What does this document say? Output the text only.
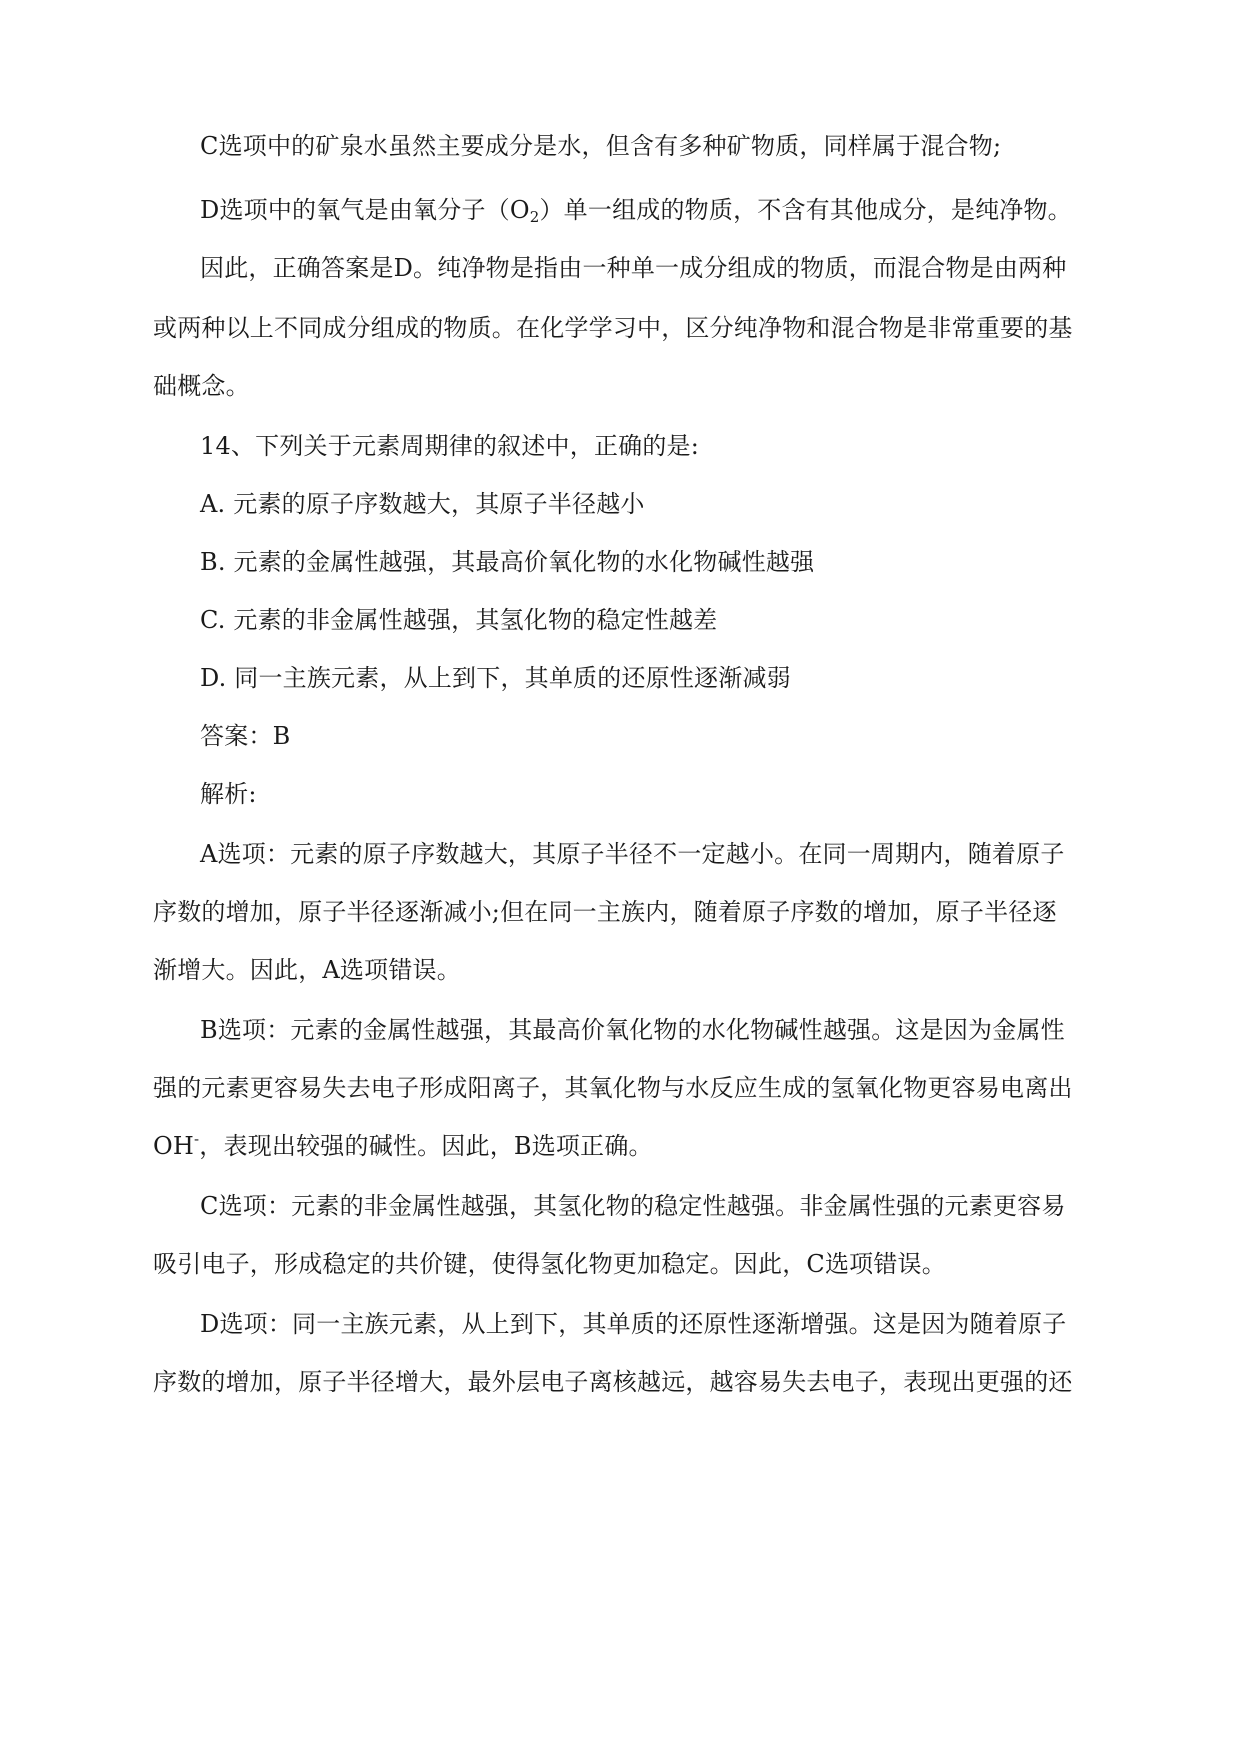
C选项中的矿泉水虽然主要成分是水，但含有多种矿物质，同样属于混合物;
D选项中的氧气是由氧分子$(O_2)$单一组成的物质，不含有其他成分，是纯净物。
因此，正确答案是D。纯净物是指由一种单一成分组成的物质，而混合物是由两种
或两种以上不同成分组成的物质。在化学学习中，区分纯净物和混合物是非常重要的基
础概念。
14、下列关于元素周期律的叙述中，正确的是:
A. 元素的原子序数越大，其原子半径越小
B. 元素的金属性越强，其最高价氧化物的水化物碱性越强
C. 元素的非金属性越强，其氢化物的稳定性越差
D. 同一主族元素，从上到下，其单质的还原性逐渐减弱
答案：B
解析:
A选项：元素的原子序数越大，其原子半径不一定越小。在同一周期内，随着原子
序数的增加，原子半径逐渐减小;但在同一主族内，随着原子序数的增加，原子半径逐
渐增大。因此，A选项错误。
B选项：元素的金属性越强，其最高价氧化物的水化物碱性越强。这是因为金属性
强的元素更容易失去电子形成阳离子，其氧化物与水反应生成的氢氧化物更容易电离出
OH-，表现出较强的碱性。因此，B选项正确。
C选项：元素的非金属性越强，其氢化物的稳定性越强。非金属性强的元素更容易
吸引电子，形成稳定的共价键，使得氢化物更加稳定。因此，C选项错误。
D选项：同一主族元素，从上到下，其单质的还原性逐渐增强。这是因为随着原子
序数的增加，原子半径增大，最外层电子离核越远，越容易失去电子，表现出更强的还
